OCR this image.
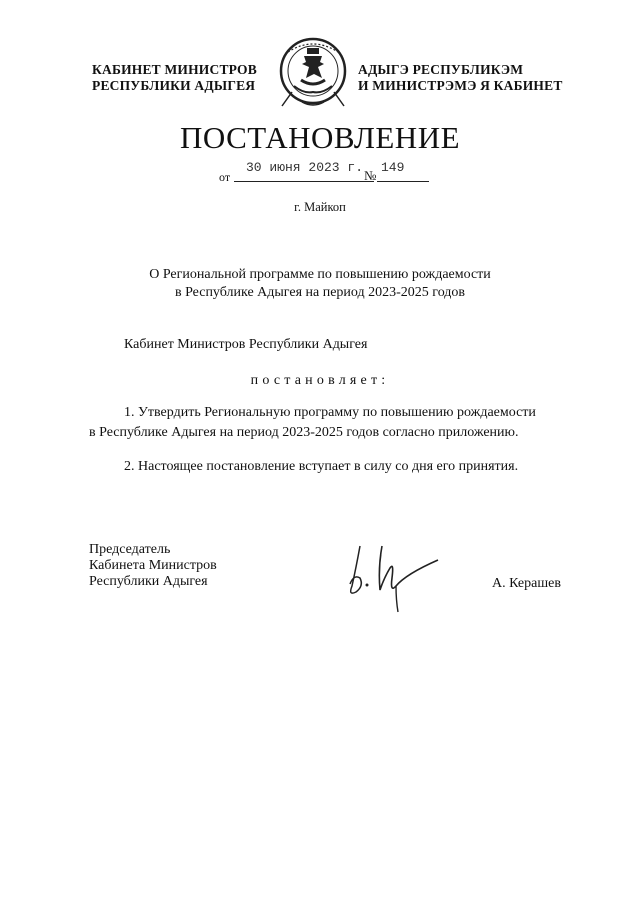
КАБИНЕТ МИНИСТРОВ
РЕСПУБЛИКИ АДЫГЕЯ
АДЫГЭ РЕСПУБЛИКЭМ
И МИНИСТРЭМЭ Я КАБИНЕТ
ПОСТАНОВЛЕНИЕ
от
30 июня 2023 г.
№
149
г. Майкоп
О Региональной программе по повышению рождаемости
в Республике Адыгея на период 2023-2025 годов
Кабинет Министров Республики Адыгея
постановляет:
1. Утвердить Региональную программу по повышению рождаемости
в Республике Адыгея на период 2023-2025 годов согласно приложению.
2. Настоящее постановление вступает в силу со дня его принятия.
Председатель
Кабинета Министров
Республики Адыгея	А. Керашев
